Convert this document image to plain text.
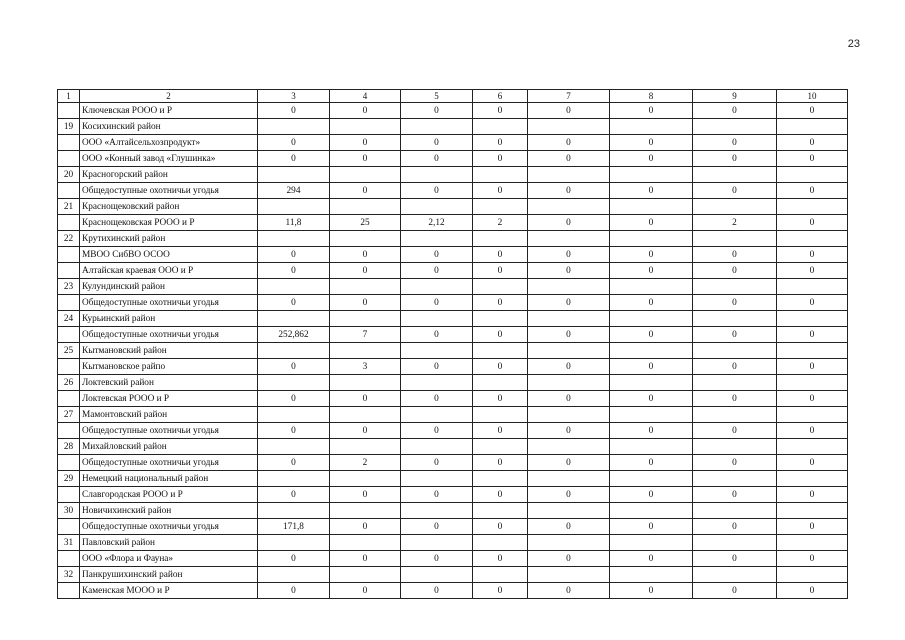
23
1	2	3	4	5	6	7	8	9	10
	Ключевская РООО и Р	0	0	0	0	0	0	0	0
19	Косихинский район								
	ООО «Алтайсельхозпродукт»	0	0	0	0	0	0	0	0
	ООО «Конный завод «Глушинка»	0	0	0	0	0	0	0	0
20	Красногорский район								
	Общедоступные охотничьи угодья	294	0	0	0	0	0	0	0
21	Краснощековский район								
	Краснощековская РООО и Р	11,8	25	2,12	2	0	0	2	0
22	Крутихинский район								
	МВОО СибВО ОСОО	0	0	0	0	0	0	0	0
	Алтайская краевая ООО и Р	0	0	0	0	0	0	0	0
23	Кулундинский район								
	Общедоступные охотничьи угодья	0	0	0	0	0	0	0	0
24	Курьинский район								
	Общедоступные охотничьи угодья	252,862	7	0	0	0	0	0	0
25	Кытмановский район								
	Кытмановское райпо	0	3	0	0	0	0	0	0
26	Локтевский район								
	Локтевская РООО и Р	0	0	0	0	0	0	0	0
27	Мамонтовский район								
	Общедоступные охотничьи угодья	0	0	0	0	0	0	0	0
28	Михайловский район								
	Общедоступные охотничьи угодья	0	2	0	0	0	0	0	0
29	Немецкий национальный район								
	Славгородская РООО и Р	0	0	0	0	0	0	0	0
30	Новичихинский район								
	Общедоступные охотничьи угодья	171,8	0	0	0	0	0	0	0
31	Павловский район								
	ООО «Флора и Фауна»	0	0	0	0	0	0	0	0
32	Панкрушихинский район								
	Каменская МООО и Р	0	0	0	0	0	0	0	0
